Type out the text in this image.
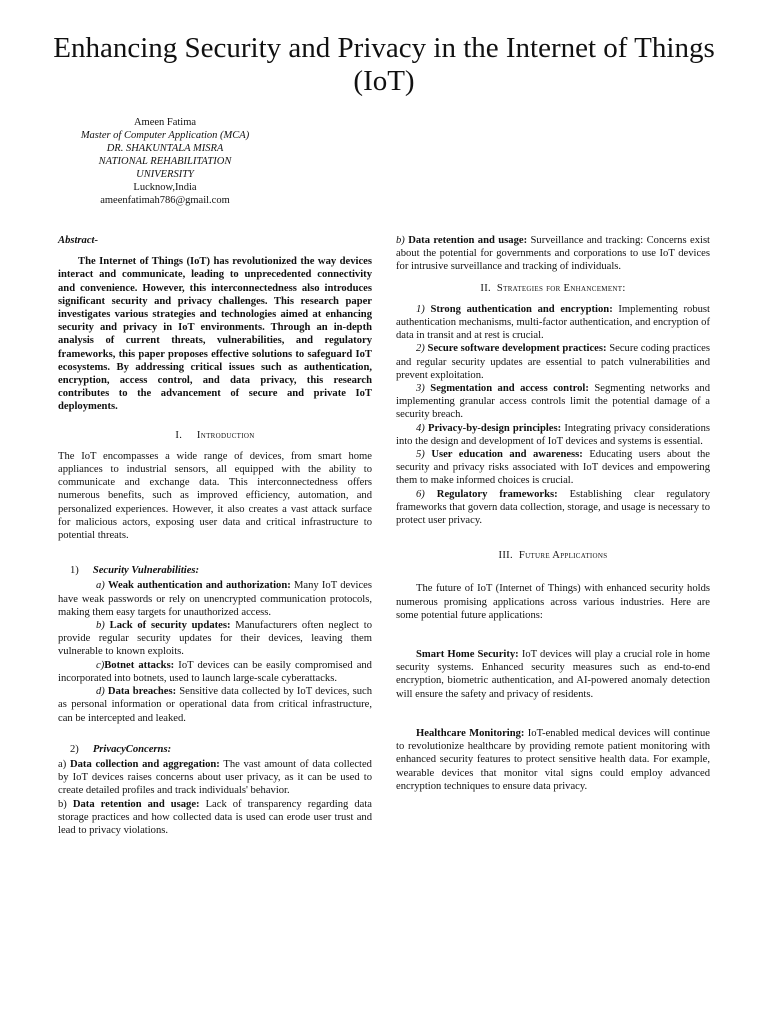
Enhancing Security and Privacy in the Internet of Things (IoT)
Ameen Fatima
Master of Computer Application (MCA)
DR. SHAKUNTALA MISRA
NATIONAL REHABILITATION
UNIVERSITY
Lucknow,India
ameenfatimah786@gmail.com

Abstract-

The Internet of Things (IoT) has revolutionized the way devices interact and communicate, leading to unprecedented connectivity and convenience. However, this interconnectedness also introduces significant security and privacy challenges. This research paper investigates various strategies and technologies aimed at enhancing security and privacy in IoT environments. Through an in-depth analysis of current threats, vulnerabilities, and regulatory frameworks, this paper proposes effective solutions to safeguard IoT ecosystems. By addressing critical issues such as authentication, encryption, access control, and data privacy, this research contributes to the advancement of secure and private IoT deployments.

I. Introduction

The IoT encompasses a wide range of devices, from smart home appliances to industrial sensors, all equipped with the ability to communicate and exchange data. This interconnectedness offers numerous benefits, such as improved efficiency, automation, and personalized experiences. However, it also creates a vast attack surface for malicious actors, exposing user data and critical infrastructure to potential threats.

1) Security Vulnerabilities:

a) Weak authentication and authorization: Many IoT devices have weak passwords or rely on unencrypted communication protocols, making them easy targets for unauthorized access.

b) Lack of security updates: Manufacturers often neglect to provide regular security updates for their devices, leaving them vulnerable to known exploits.

c)Botnet attacks: IoT devices can be easily compromised and incorporated into botnets, used to launch large-scale cyberattacks.

d) Data breaches: Sensitive data collected by IoT devices, such as personal information or operational data from critical infrastructure, can be intercepted and leaked.

2) PrivacyConcerns:

a) Data collection and aggregation: The vast amount of data collected by IoT devices raises concerns about user privacy, as it can be used to create detailed profiles and track individuals' behavior.

b) Data retention and usage: Lack of transparency regarding data storage practices and how collected data is used can erode user trust and lead to privacy violations.

b) Data retention and usage: Surveillance and tracking: Concerns exist about the potential for governments and corporations to use IoT devices for intrusive surveillance and tracking of individuals.

II. Strategies for Enhancement:

1) Strong authentication and encryption: Implementing robust authentication mechanisms, multi-factor authentication, and encryption of data in transit and at rest is crucial.

2) Secure software development practices: Secure coding practices and regular security updates are essential to patch vulnerabilities and prevent exploitation.

3) Segmentation and access control: Segmenting networks and implementing granular access controls limit the potential damage of a security breach.

4) Privacy-by-design principles: Integrating privacy considerations into the design and development of IoT devices and systems is essential.

5) User education and awareness: Educating users about the security and privacy risks associated with IoT devices and empowering them to make informed choices is crucial.

6) Regulatory frameworks: Establishing clear regulatory frameworks that govern data collection, storage, and usage is necessary to protect user privacy.

III. Future Applications

The future of IoT (Internet of Things) with enhanced security holds numerous promising applications across various industries. Here are some potential future applications:

Smart Home Security: IoT devices will play a crucial role in home security systems. Enhanced security measures such as end-to-end encryption, biometric authentication, and AI-powered anomaly detection will ensure the safety and privacy of residents.

Healthcare Monitoring: IoT-enabled medical devices will continue to revolutionize healthcare by providing remote patient monitoring with enhanced security features to protect sensitive health data. For example, wearable devices that monitor vital signs could employ advanced encryption techniques to ensure data privacy.
